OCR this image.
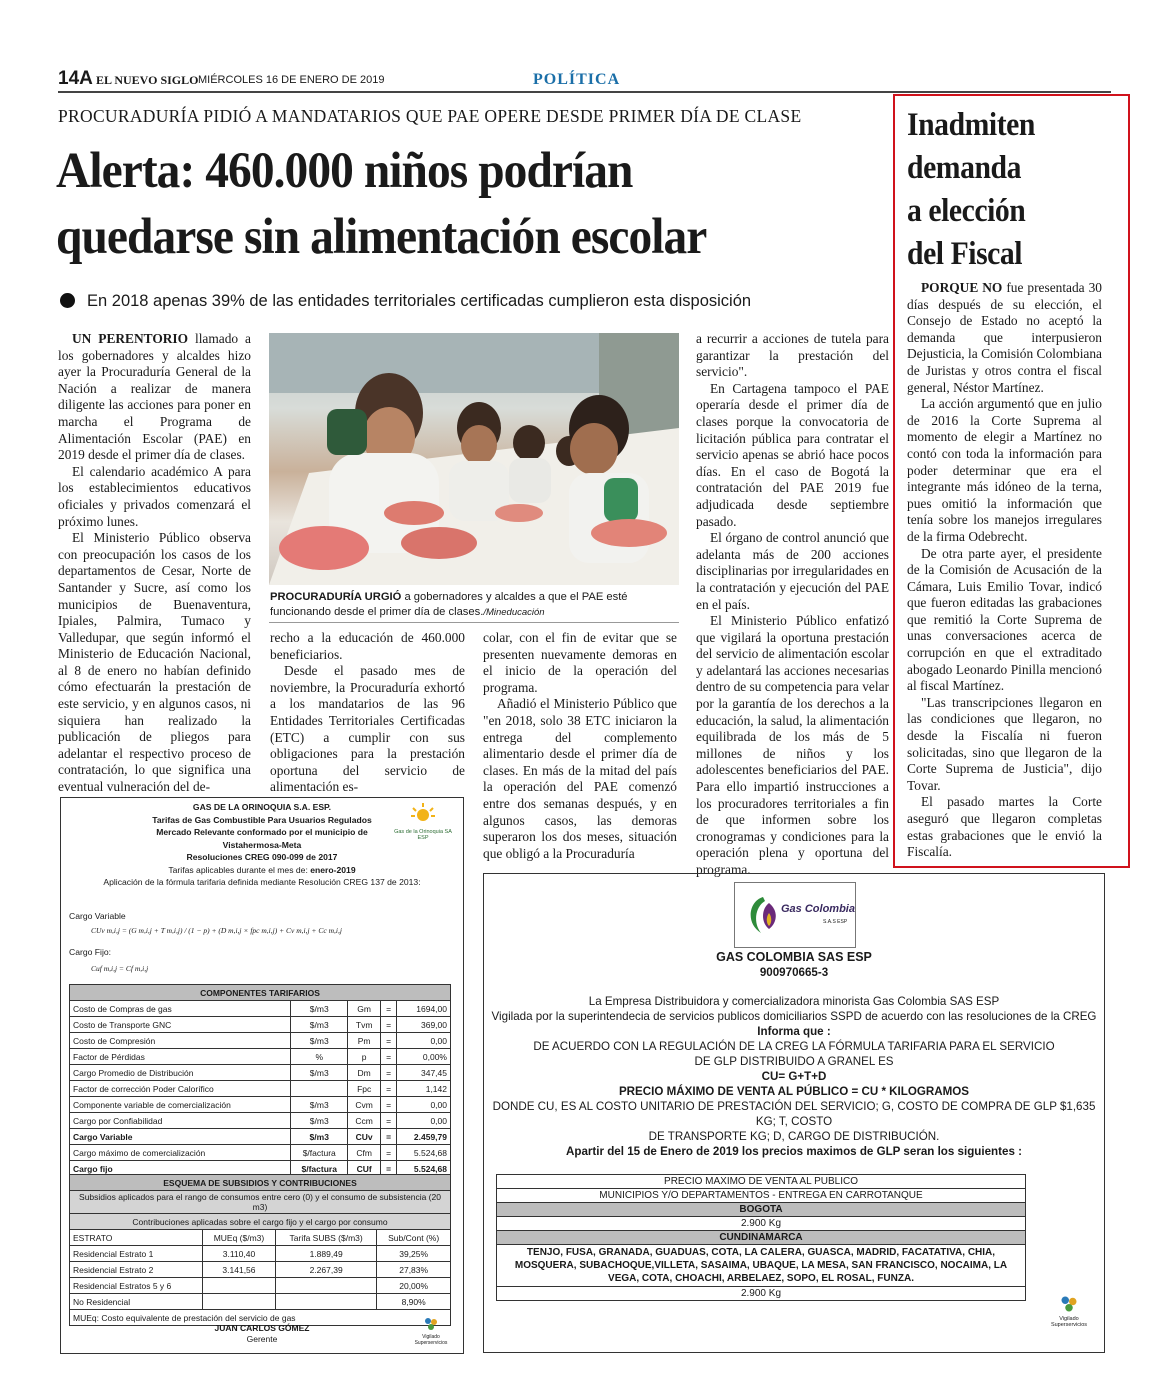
14A EL NUEVO SIGLO MIÉRCOLES 16 DE ENERO DE 2019	POLÍTICA
PROCURADURÍA PIDIÓ A MANDATARIOS QUE PAE OPERE DESDE PRIMER DÍA DE CLASE
Alerta: 460.000 niños podrían
quedarse sin alimentación escolar
En 2018 apenas 39% de las entidades territoriales certificadas cumplieron esta disposición

UN PERENTORIO llamado a los gobernadores y alcaldes hizo ayer la Procuraduría General de la Nación a realizar de manera diligente las acciones para poner en marcha el Programa de Alimentación Escolar (PAE) en 2019 desde el primer día de clases.

El calendario académico A para los establecimientos educativos oficiales y privados comenzará el próximo lunes.

El Ministerio Público observa con preocupación los casos de los departamentos de Cesar, Norte de Santander y Sucre, así como los municipios de Buenaventura, Ipiales, Palmira, Tumaco y Valledupar, que según informó el Ministerio de Educación Nacional, al 8 de enero no habían definido cómo efectuarán la prestación de este servicio, y en algunos casos, ni siquiera han realizado la publicación de pliegos para adelantar el respectivo proceso de contratación, lo que significa una eventual vulneración del de-

PROCURADURÍA URGIÓ a gobernadores y alcaldes a que el PAE esté funcionando desde el primer día de clases./Mineducación

recho a la educación de 460.000 beneficiarios.

Desde el pasado mes de noviembre, la Procuraduría exhortó a los mandatarios de las 96 Entidades Territoriales Certificadas (ETC) a cumplir con sus obligaciones para la prestación oportuna del servicio de alimentación es-

colar, con el fin de evitar que se presenten nuevamente demoras en el inicio de la operación del programa.

Añadió el Ministerio Público que "en 2018, solo 38 ETC iniciaron la entrega del complemento alimentario desde el primer día de clases. En más de la mitad del país la operación del PAE comenzó entre dos semanas después, y en algunos casos, las demoras superaron los dos meses, situación que obligó a la Procuraduría

a recurrir a acciones de tutela para garantizar la prestación del servicio".

En Cartagena tampoco el PAE operaría desde el primer día de clases porque la convocatoria de licitación pública para contratar el servicio apenas se abrió hace pocos días. En el caso de Bogotá la contratación del PAE 2019 fue adjudicada desde septiembre pasado.

El órgano de control anunció que adelanta más de 200 acciones disciplinarias por irregularidades en la contratación y ejecución del PAE en el país.

El Ministerio Público enfatizó que vigilará la oportuna prestación del servicio de alimentación escolar y adelantará las acciones necesarias dentro de su competencia para velar por la garantía de los derechos a la educación, la salud, la alimentación equilibrada de los más de 5 millones de niños y los adolescentes beneficiarios del PAE. Para ello impartió instrucciones a los procuradores territoriales a fin de que informen sobre los cronogramas y condiciones para la operación plena y oportuna del programa.

Inadmiten
demanda
a elección
del Fiscal

PORQUE NO fue presentada 30 días después de su elección, el Consejo de Estado no aceptó la demanda que interpusieron Dejusticia, la Comisión Colombiana de Juristas y otros contra el fiscal general, Néstor Martínez.

La acción argumentó que en julio de 2016 la Corte Suprema al momento de elegir a Martínez no contó con toda la información para poder determinar que era el integrante más idóneo de la terna, pues omitió la información que tenía sobre los manejos irregulares de la firma Odebrecht.

De otra parte ayer, el presidente de la Comisión de Acusación de la Cámara, Luis Emilio Tovar, indicó que fueron editadas las grabaciones que remitió la Corte Suprema de unas conversaciones acerca de corrupción en que el extraditado abogado Leonardo Pinilla mencionó al fiscal Martínez.

"Las transcripciones llegaron en las condiciones que llegaron, no desde la Fiscalía ni fueron solicitadas, sino que llegaron de la Corte Suprema de Justicia", dijo Tovar.

El pasado martes la Corte aseguró que llegaron completas estas grabaciones que le envió la Fiscalía.

Gas de la Orinoquia SA ESP
GAS DE LA ORINOQUIA S.A. ESP.
Tarifas de Gas Combustible Para Usuarios Regulados
Mercado Relevante conformado por el municipio de
Vistahermosa-Meta
Resoluciones CREG 090-099 de 2017
Tarifas aplicables durante el mes de: enero-2019
Aplicación de la fórmula tarifaria definida mediante Resolución CREG 137 de 2013:
Cargo Variable
CUv m,i,j = (G m,i,j + T m,i,j) / (1 − p) + (D m,i,j × fpc m,i,j) + Cv m,i,j + Cc m,i,j
Cargo Fijo:
Cuf m,i,j = Cf m,i,j
COMPONENTES TARIFARIOS				
Costo de Compras de gas	$/m3	Gm	=	1694,00
Costo de Transporte GNC	$/m3	Tvm	=	369,00
Costo de Compresión	$/m3	Pm	=	0,00
Factor de Pérdidas	%	p	=	0,00%
Cargo Promedio de Distribución	$/m3	Dm	=	347,45
Factor de corrección Poder Calorífico		Fpc	=	1,142
Componente variable de comercialización	$/m3	Cvm	=	0,00
Cargo por Confiabilidad	$/m3	Ccm	=	0,00
Cargo Variable	$/m3	CUv	=	2.459,79
Cargo máximo de comercialización	$/factura	Cfm	=	5.524,68
Cargo fijo	$/factura	CUf	=	5.524,68
ESQUEMA DE SUBSIDIOS Y CONTRIBUCIONES			
Subsidios aplicados para el rango de consumos entre cero (0) y el consumo de subsistencia (20 m3)			
Contribuciones aplicadas sobre el cargo fijo y el cargo por consumo			
ESTRATO	MUEq ($/m3)	Tarifa SUBS ($/m3)	Sub/Cont (%)
Residencial Estrato 1	3.110,40	1.889,49	39,25%
Residencial Estrato 2	3.141,56	2.267,39	27,83%
Residencial Estratos 5 y 6			20,00%
No Residencial			8,90%
MUEq: Costo equivalente de prestación del servicio de gas			
JUAN CARLOS GÓMEZ
Gerente	Vigilado Superservicios
Gas Colombia
S.A.S ESP
GAS COLOMBIA SAS ESP
900970665-3
La Empresa Distribuidora y comercializadora minorista Gas Colombia SAS ESP
Vigilada por la superintendecia de servicios publicos domiciliarios SSPD de acuerdo con las resoluciones de la CREG
Informa que :
DE ACUERDO CON LA REGULACIÓN DE LA CREG LA FÓRMULA TARIFARIA PARA EL SERVICIO
DE GLP DISTRIBUIDO A GRANEL ES
CU= G+T+D
PRECIO MÁXIMO DE VENTA AL PÚBLICO = CU * KILOGRAMOS
DONDE CU, ES AL COSTO UNITARIO DE PRESTACIÓN DEL SERVICIO; G, COSTO DE COMPRA DE GLP $1,635 KG; T, COSTO
DE TRANSPORTE KG; D, CARGO DE DISTRIBUCIÓN.
Apartir del 15 de Enero de 2019 los precios maximos de GLP seran los siguientes :
PRECIO MAXIMO DE VENTA AL PUBLICO
MUNICIPIOS Y/O DEPARTAMENTOS - ENTREGA EN CARROTANQUE
BOGOTA
2.900 Kg
CUNDINAMARCA
TENJO, FUSA, GRANADA, GUADUAS, COTA, LA CALERA, GUASCA, MADRID, FACATATIVA, CHIA, MOSQUERA, SUBACHOQUE,VILLETA, SASAIMA, UBAQUE, LA MESA, SAN FRANCISCO, NOCAIMA, LA VEGA, COTA, CHOACHI, ARBELAEZ, SOPO, EL ROSAL, FUNZA.
2.900 Kg
Vigilado Superservicios
